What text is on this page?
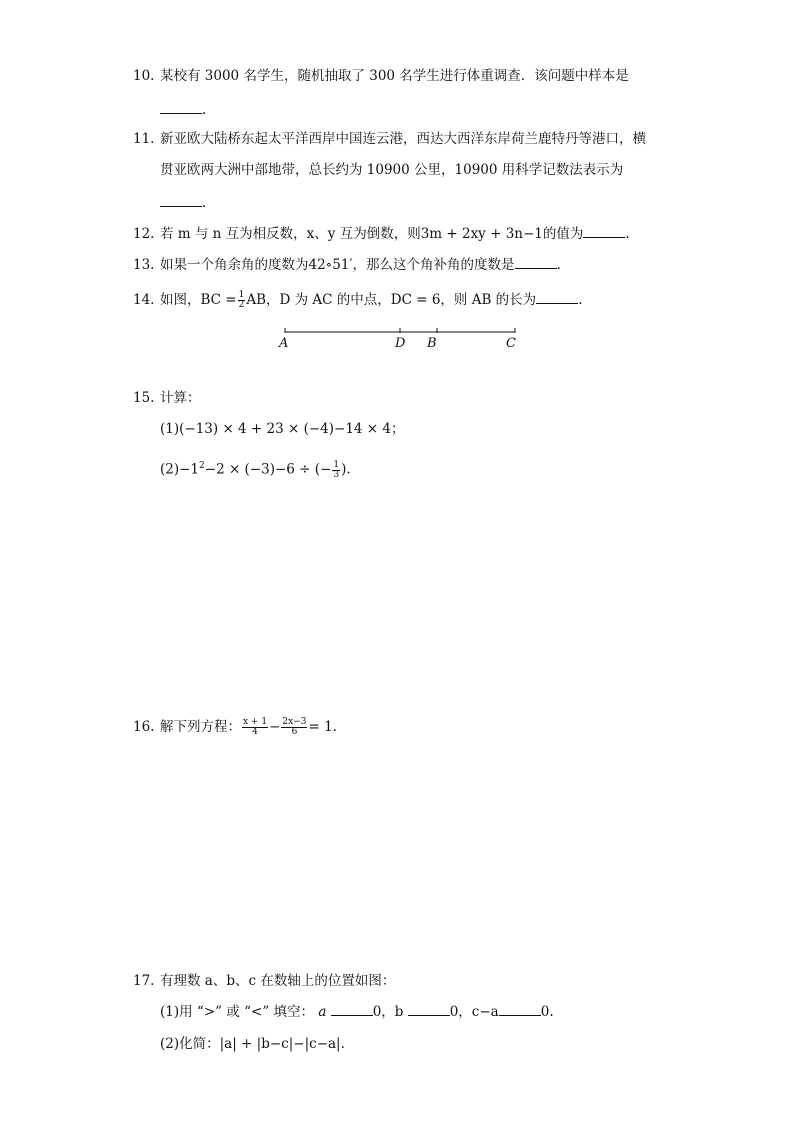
10. 某校有 3000 名学生，随机抽取了 300 名学生进行体重调查．该问题中样本是
.
11. 新亚欧大陆桥东起太平洋西岸中国连云港，西达大西洋东岸荷兰鹿特丹等港口，横
贯亚欧两大洲中部地带，总长约为 10900 公里，10900 用科学记数法表示为
.
12. 若 m 与 n 互为相反数，x、y 互为倒数，则3m + 2xy + 3n−1的值为	.
13. 如果一个角余角的度数为42∘51′，那么这个角补角的度数是	.
14. 如图，BC = $\frac{1}{2}$ AB，D 为 AC 的中点，DC = 6，则 AB 的长为	.
A	D B	C
15. 计算：
(1)(−13) × 4 + 23 × (−4)−14 × 4；
$(2)-1^2-2 \times (-3)-6$ ÷ (− $\frac{1}{3}$ ).
16. 解下列方程： $\frac{x + 1}{4} - \frac{2x-3}{6} = 1$.
17. 有理数 a、b、c 在数轴上的位置如图：
(1)用 “>” 或 “<” 填空： a	0，b	0，c−a	0.
(2)化简：|a| + |b−c|−|c−a|.
